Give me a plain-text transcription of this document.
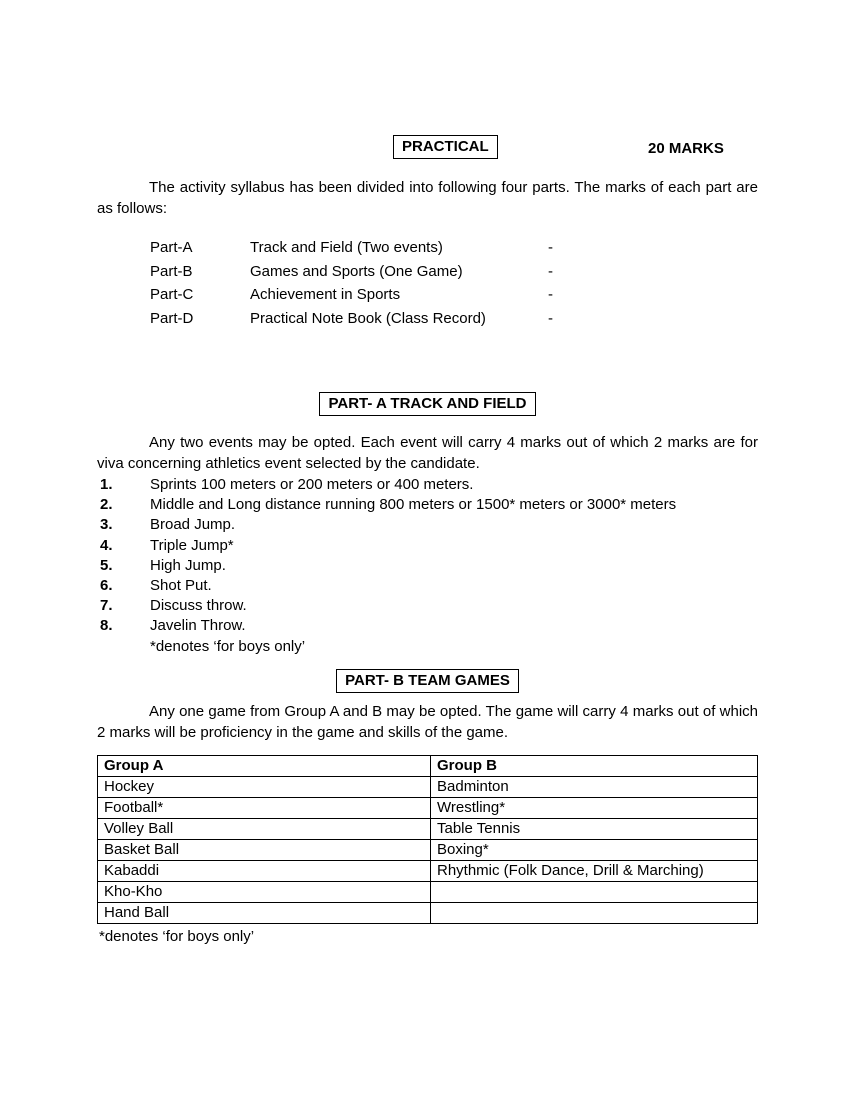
PRACTICAL	20 MARKS

The activity syllabus has been divided into following four parts. The marks of each part are as follows:

Part-A	Track and Field (Two events)	-
Part-B	Games and Sports (One Game)	-
Part-C	Achievement in Sports	-
Part-D	Practical Note Book (Class Record)	-
PART- A TRACK AND FIELD

Any two events may be opted. Each event will carry 4 marks out of which 2 marks are for viva concerning athletics event selected by the candidate.

1.	Sprints 100 meters or 200 meters or 400 meters.
2.	Middle and Long distance running 800 meters or 1500* meters or 3000* meters
3.	Broad Jump.
4.	Triple Jump*
5.	High Jump.
6.	Shot Put.
7.	Discuss throw.
8.	Javelin Throw.
*denotes ‘for boys only’
PART- B TEAM GAMES

Any one game from Group A and B may be opted. The game will carry 4 marks out of which 2 marks will be proficiency in the game and skills of the game.

Group A	Group B
Hockey	Badminton
Football*	Wrestling*
Volley Ball	Table Tennis
Basket Ball	Boxing*
Kabaddi	Rhythmic (Folk Dance, Drill & Marching)
Kho-Kho	
Hand Ball	
*denotes ‘for boys only’
